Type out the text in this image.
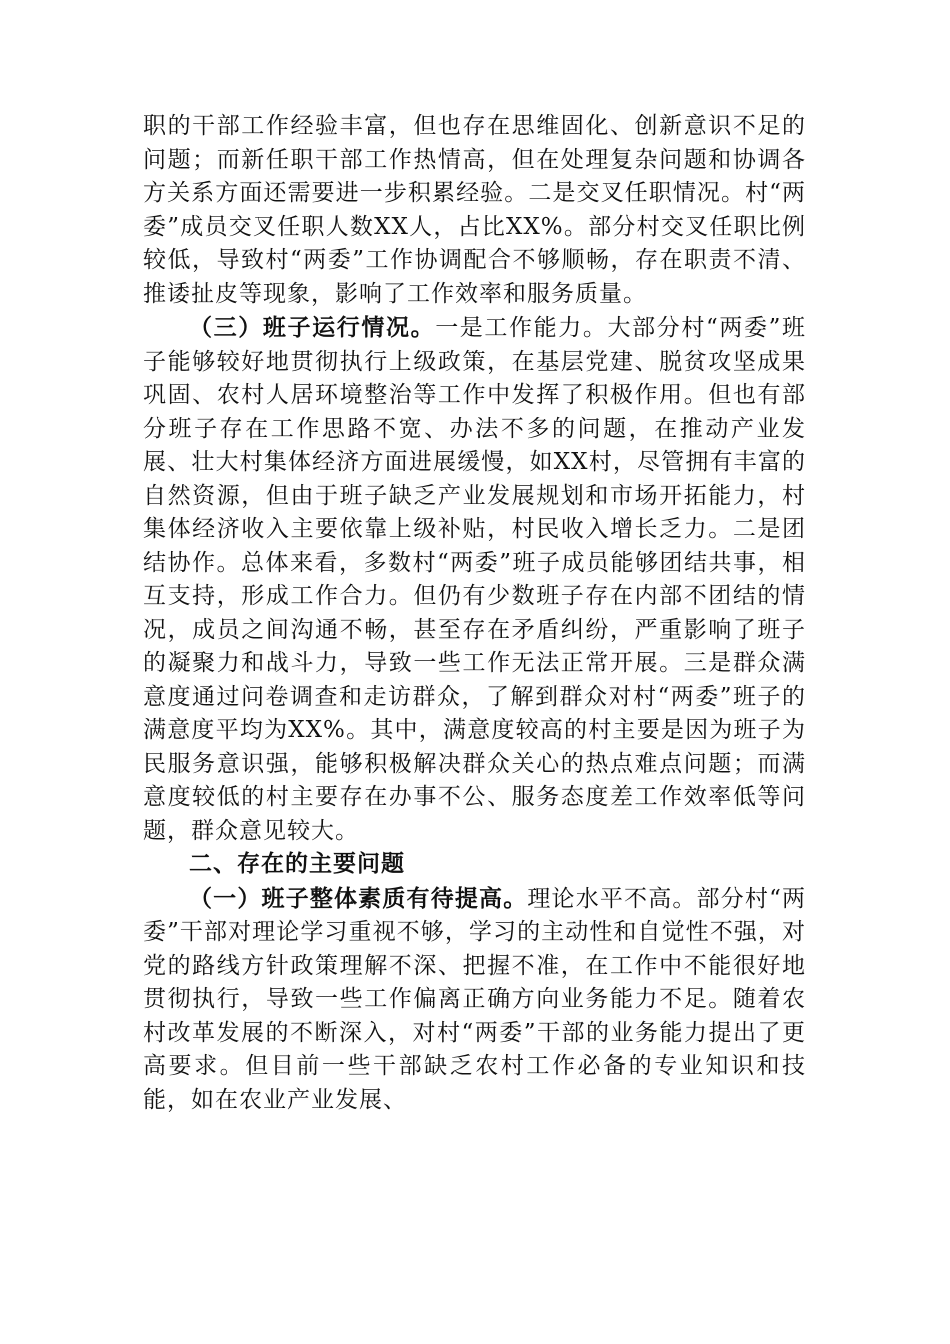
职的干部工作经验丰富，但也存在思维固化、创新意识不足的问题；而新任职干部工作热情高，但在处理复杂问题和协调各方关系方面还需要进一步积累经验。二是交叉任职情况。村“两委”成员交叉任职人数XX人，占比XX%。部分村交叉任职比例较低，导致村“两委”工作协调配合不够顺畅，存在职责不清、推诿扯皮等现象，影响了工作效率和服务质量。

（三）班子运行情况。一是工作能力。大部分村“两委”班子能够较好地贯彻执行上级政策，在基层党建、脱贫攻坚成果巩固、农村人居环境整治等工作中发挥了积极作用。但也有部分班子存在工作思路不宽、办法不多的问题，在推动产业发展、壮大村集体经济方面进展缓慢，如XX村，尽管拥有丰富的自然资源，但由于班子缺乏产业发展规划和市场开拓能力，村集体经济收入主要依靠上级补贴，村民收入增长乏力。二是团结协作。总体来看，多数村“两委”班子成员能够团结共事，相互支持，形成工作合力。但仍有少数班子存在内部不团结的情况，成员之间沟通不畅，甚至存在矛盾纠纷，严重影响了班子的凝聚力和战斗力，导致一些工作无法正常开展。三是群众满意度通过问卷调查和走访群众，了解到群众对村“两委”班子的满意度平均为XX%。其中，满意度较高的村主要是因为班子为民服务意识强，能够积极解决群众关心的热点难点问题；而满意度较低的村主要存在办事不公、服务态度差工作效率低等问题，群众意见较大。

二、存在的主要问题

（一）班子整体素质有待提高。理论水平不高。部分村“两委”干部对理论学习重视不够，学习的主动性和自觉性不强，对党的路线方针政策理解不深、把握不准，在工作中不能很好地贯彻执行，导致一些工作偏离正确方向业务能力不足。随着农村改革发展的不断深入，对村“两委”干部的业务能力提出了更高要求。但目前一些干部缺乏农村工作必备的专业知识和技能，如在农业产业发展、
